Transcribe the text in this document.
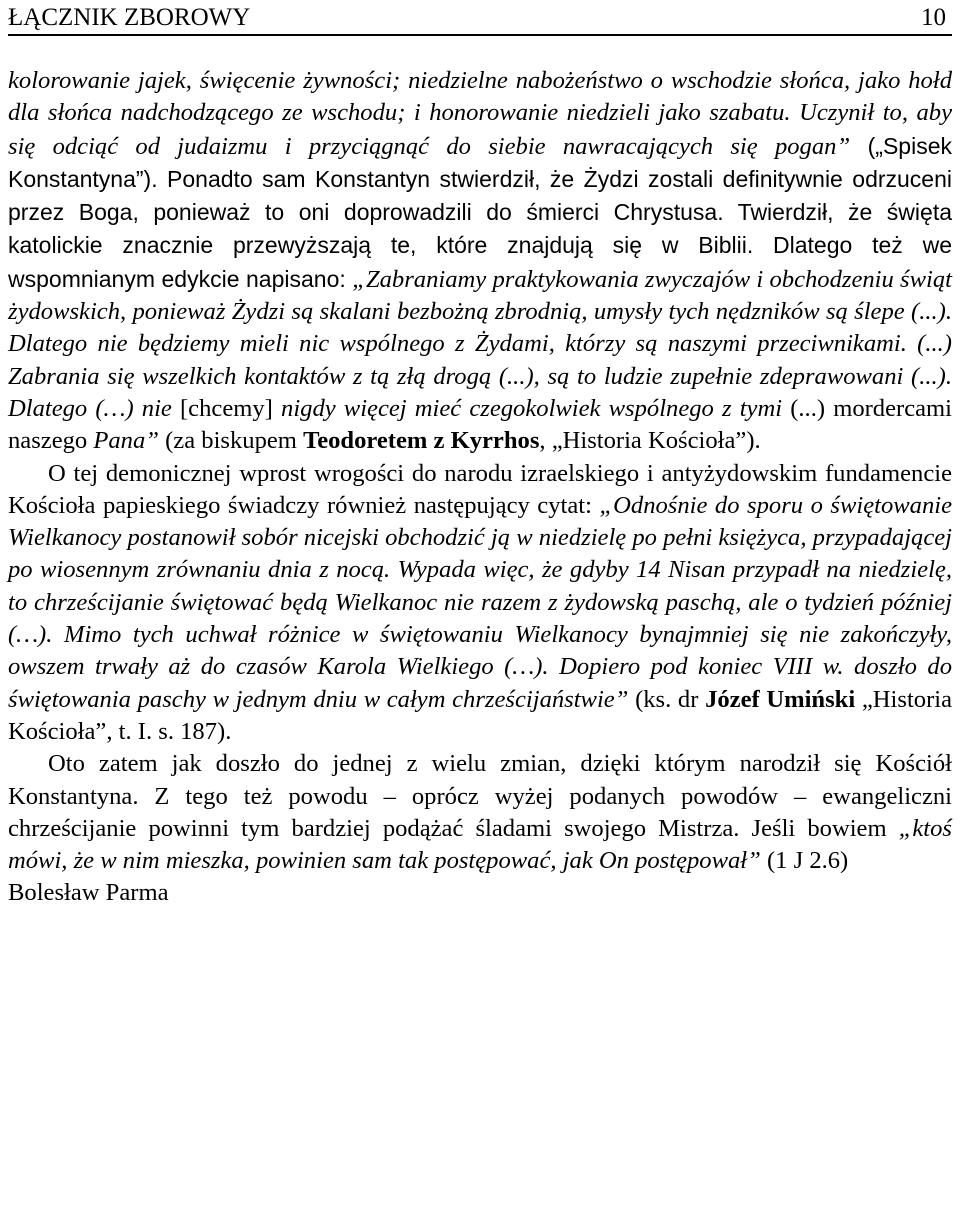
ŁĄCZNIK ZBOROWY	10

kolorowanie jajek, święcenie żywności; niedzielne nabożeństwo o wschodzie słońca, jako hołd dla słońca nadchodzącego ze wschodu; i honorowanie niedzieli jako szabatu. Uczynił to, aby się odciąć od judaizmu i przyciągnąć do siebie nawracających się pogan” („Spisek Konstantyna”). Ponadto sam Konstantyn stwierdził, że Żydzi zostali definitywnie odrzuceni przez Boga, ponieważ to oni doprowadzili do śmierci Chrystusa. Twierdził, że święta katolickie znacznie przewyższają te, które znajdują się w Biblii. Dlatego też we wspomnianym edykcie napisano: „Zabraniamy praktykowania zwyczajów i obchodzeniu świąt żydowskich, ponieważ Żydzi są skalani bezbożną zbrodnią, umysły tych nędzników są ślepe (...). Dlatego nie będziemy mieli nic wspólnego z Żydami, którzy są naszymi przeciwnikami. (...) Zabrania się wszelkich kontaktów z tą złą drogą (...), są to ludzie zupełnie zdeprawowani (...). Dlatego (…) nie [chcemy] nigdy więcej mieć czegokolwiek wspólnego z tymi (...) mordercami naszego Pana” (za biskupem Teodoretem z Kyrrhos, „Historia Kościoła”).

O tej demonicznej wprost wrogości do narodu izraelskiego i antyżydowskim fundamencie Kościoła papieskiego świadczy również następujący cytat: „Odnośnie do sporu o świętowanie Wielkanocy postanowił sobór nicejski obchodzić ją w niedzielę po pełni księżyca, przypadającej po wiosennym zrównaniu dnia z nocą. Wypada więc, że gdyby 14 Nisan przypadł na niedzielę, to chrześcijanie świętować będą Wielkanoc nie razem z żydowską paschą, ale o tydzień później (…). Mimo tych uchwał różnice w świętowaniu Wielkanocy bynajmniej się nie zakończyły, owszem trwały aż do czasów Karola Wielkiego (…). Dopiero pod koniec VIII w. doszło do świętowania paschy w jednym dniu w całym chrześcijaństwie” (ks. dr Józef Umiński „Historia Kościoła”, t. I. s. 187).

Oto zatem jak doszło do jednej z wielu zmian, dzięki którym narodził się Kościół Konstantyna. Z tego też powodu – oprócz wyżej podanych powodów – ewangeliczni chrześcijanie powinni tym bardziej podążać śladami swojego Mistrza. Jeśli bowiem „ktoś mówi, że w nim mieszka, powinien sam tak postępować, jak On postępował” (1 J 2.6)

Bolesław Parma
